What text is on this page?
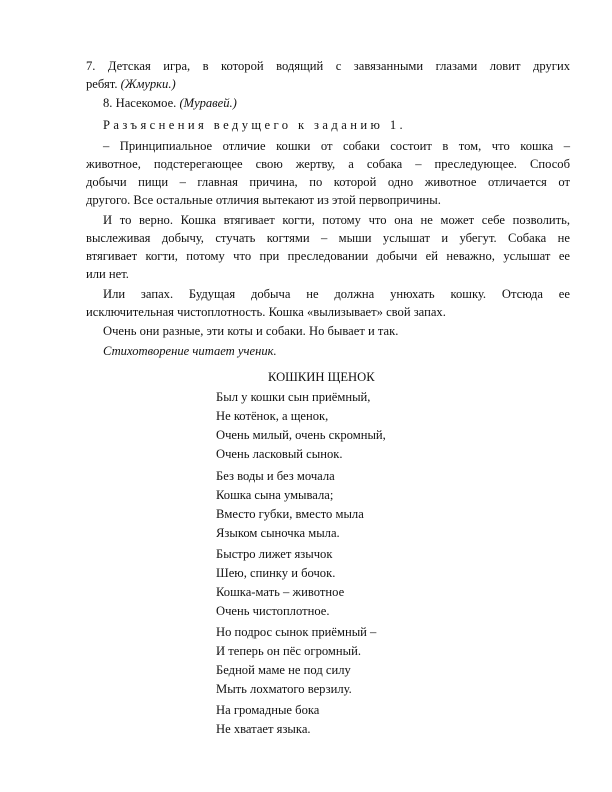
7. Детская игра, в которой водящий с завязанными глазами ловит других
ребят. (Жмурки.)
8. Насекомое. (Муравей.)
Разъяснения ведущего к заданию 1.
– Принципиальное отличие кошки от собаки состоит в том, что кошка –
животное, подстерегающее свою жертву, а собака – преследующее. Способ
добычи пищи – главная причина, по которой одно животное отличается от
другого. Все остальные отличия вытекают из этой первопричины.
И то верно. Кошка втягивает когти, потому что она не может себе позволить,
выслеживая добычу, стучать когтями – мыши услышат и убегут. Собака не
втягивает когти, потому что при преследовании добычи ей неважно, услышат ее
или нет.
Или запах. Будущая добыча не должна унюхать кошку. Отсюда ее
исключительная чистоплотность. Кошка «вылизывает» свой запах.
Очень они разные, эти коты и собаки. Но бывает и так.
Стихотворение читает ученик.
КОШКИН ЩЕНОК
Был у кошки сын приёмный,
Не котёнок, а щенок,
Очень милый, очень скромный,
Очень ласковый сынок.
Без воды и без мочала
Кошка сына умывала;
Вместо губки, вместо мыла
Языком сыночка мыла.
Быстро лижет язычок
Шею, спинку и бочок.
Кошка-мать – животное
Очень чистоплотное.
Но подрос сынок приёмный –
И теперь он пёс огромный.
Бедной маме не под силу
Мыть лохматого верзилу.
На громадные бока
Не хватает языка.
